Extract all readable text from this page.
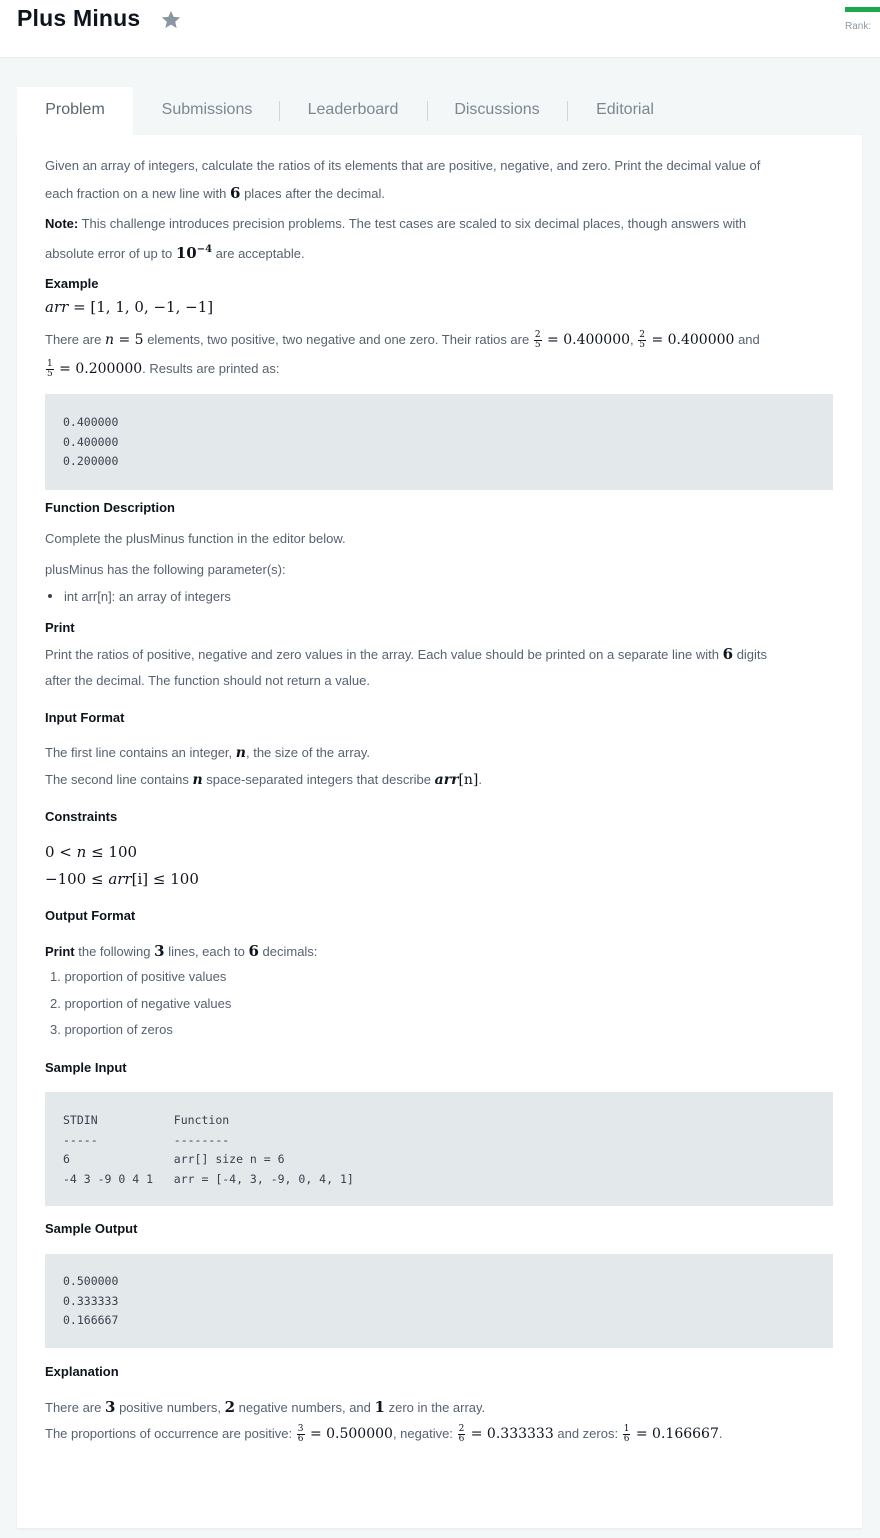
Plus Minus	Rank:
Problem	Submissions	Leaderboard	Discussions	Editorial
Given an array of integers, calculate the ratios of its elements that are positive, negative, and zero. Print the decimal value of
each fraction on a new line with 6 places after the decimal.
Note: This challenge introduces precision problems. The test cases are scaled to six decimal places, though answers with
absolute error of up to $10^{-4}$ are acceptable.
Example
arr = [1, 1, 0, −1, −1]
There are n = 5 elements, two positive, two negative and one zero. Their ratios are $\frac{2}{5} = 0.400000$, $\frac{2}{5} = 0.400000$ and
$\frac{1}{5} = 0.200000$. Results are printed as:
0.400000
0.400000
0.200000
Function Description
Complete the plusMinus function in the editor below.
plusMinus has the following parameter(s):
int arr[n]: an array of integers
Print
Print the ratios of positive, negative and zero values in the array. Each value should be printed on a separate line with 6 digits
after the decimal. The function should not return a value.
Input Format
The first line contains an integer, n, the size of the array.
The second line contains n space-separated integers that describe arr[n].
Constraints
0 < n ≤ 100
−100 ≤ arr[i] ≤ 100
Output Format
Print the following 3 lines, each to 6 decimals:
1. proportion of positive values
2. proportion of negative values
3. proportion of zeros
Sample Input
STDIN           Function
-----           --------
6               arr[] size n = 6
-4 3 -9 0 4 1   arr = [-4, 3, -9, 0, 4, 1]
Sample Output
0.500000
0.333333
0.166667
Explanation
There are 3 positive numbers, 2 negative numbers, and 1 zero in the array.
The proportions of occurrence are positive: $\frac{3}{6} = 0.500000$, negative: $\frac{2}{6} = 0.333333$ and zeros: $\frac{1}{6} = 0.166667$.
